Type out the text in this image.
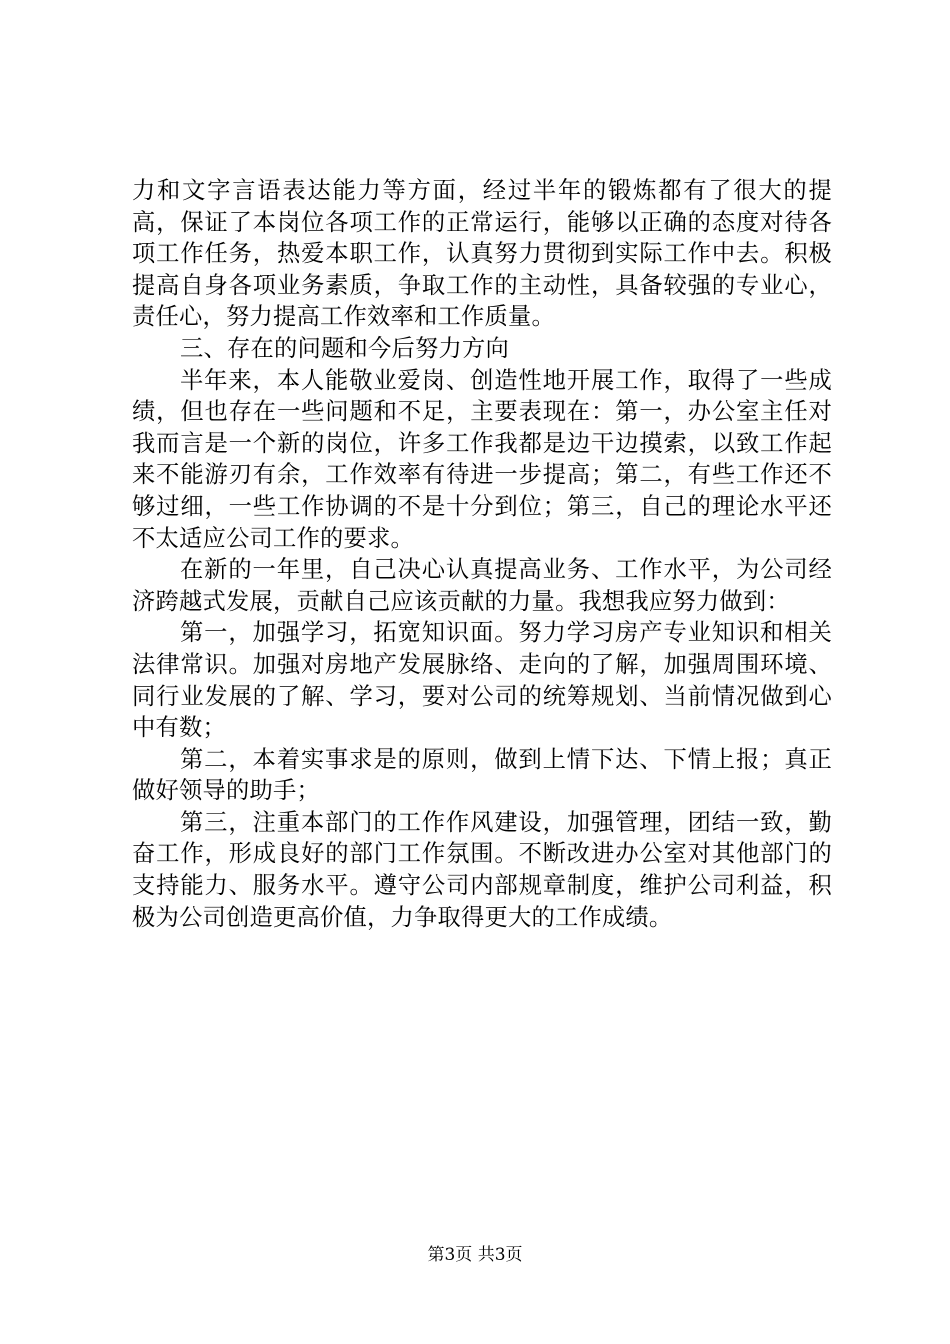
力和文字言语表达能力等方面，经过半年的锻炼都有了很大的提高，保证了本岗位各项工作的正常运行，能够以正确的态度对待各项工作任务，热爱本职工作，认真努力贯彻到实际工作中去。积极提高自身各项业务素质，争取工作的主动性，具备较强的专业心，责任心，努力提高工作效率和工作质量。

三、存在的问题和今后努力方向

半年来，本人能敬业爱岗、创造性地开展工作，取得了一些成绩，但也存在一些问题和不足，主要表现在：第一，办公室主任对我而言是一个新的岗位，许多工作我都是边干边摸索，以致工作起来不能游刃有余，工作效率有待进一步提高；第二，有些工作还不够过细，一些工作协调的不是十分到位；第三，自己的理论水平还不太适应公司工作的要求。

在新的一年里，自己决心认真提高业务、工作水平，为公司经济跨越式发展，贡献自己应该贡献的力量。我想我应努力做到：

第一，加强学习，拓宽知识面。努力学习房产专业知识和相关法律常识。加强对房地产发展脉络、走向的了解，加强周围环境、同行业发展的了解、学习，要对公司的统筹规划、当前情况做到心中有数；

第二，本着实事求是的原则，做到上情下达、下情上报；真正做好领导的助手；

第三，注重本部门的工作作风建设，加强管理，团结一致，勤奋工作，形成良好的部门工作氛围。不断改进办公室对其他部门的支持能力、服务水平。遵守公司内部规章制度，维护公司利益，积极为公司创造更高价值，力争取得更大的工作成绩。

第3页 共3页
